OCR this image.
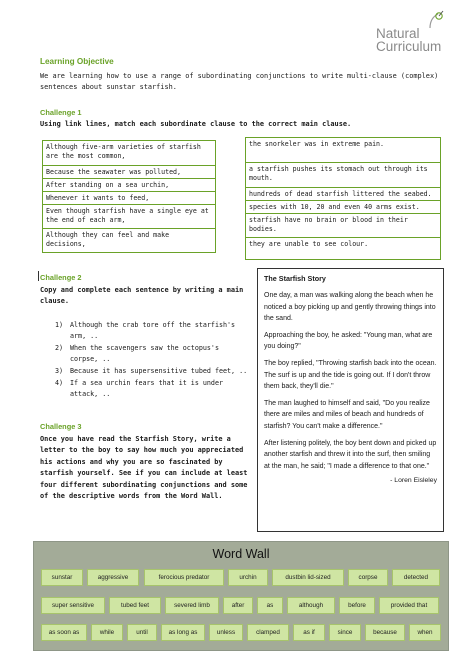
Natural
Curriculum
Learning Objective
We are learning how to use a range of subordinating conjunctions to write multi-clause (complex) sentences about sunstar starfish.
Challenge 1
Using link lines, match each subordinate clause to the correct main clause.
Although five-arm varieties of starfish are the most common,
Because the seawater was polluted,
After standing on a sea urchin,
Whenever it wants to feed,
Even though starfish have a single eye at the end of each arm,
Although they can feel and make decisions,
the snorkeler was in extreme pain.
a starfish pushes its stomach out through its mouth.
hundreds of dead starfish littered the seabed.
species with 10, 20 and even 40 arms exist.
starfish have no brain or blood in their bodies.
they are unable to see colour.
Challenge 2
Copy and complete each sentence by writing a main clause.
1)	Although the crab tore off the starfish's arm, ..
2)	When the scavengers saw the octopus's corpse, ..
3)	Because it has supersensitive tubed feet, ..
4)	If a sea urchin fears that it is under attack, ..
Challenge 3
Once you have read the Starfish Story, write a letter to the boy to say how much you appreciated his actions and why you are so fascinated by starfish yourself. See if you can include at least four different subordinating conjunctions and some of the descriptive words from the Word Wall.
The Starfish Story

One day, a man was walking along the beach when he noticed a boy picking up and gently throwing things into the sand.

Approaching the boy, he asked: "Young man, what are you doing?"

The boy replied, "Throwing starfish back into the ocean. The surf is up and the tide is going out. If I don't throw them back, they'll die."

The man laughed to himself and said, "Do you realize there are miles and miles of beach and hundreds of starfish? You can't make a difference."

After listening politely, the boy bent down and picked up another starfish and threw it into the surf, then smiling at the man, he said; "I made a difference to that one."

- Loren Eisleley
Word Wall
sunstar	aggressive	ferocious predator	urchin	dustbin lid-sized	corpse	detected
super sensitive	tubed feet	severed limb	after	as	although	before	provided that
as soon as	while	until	as long as	unless	clamped	as if	since	because	when
